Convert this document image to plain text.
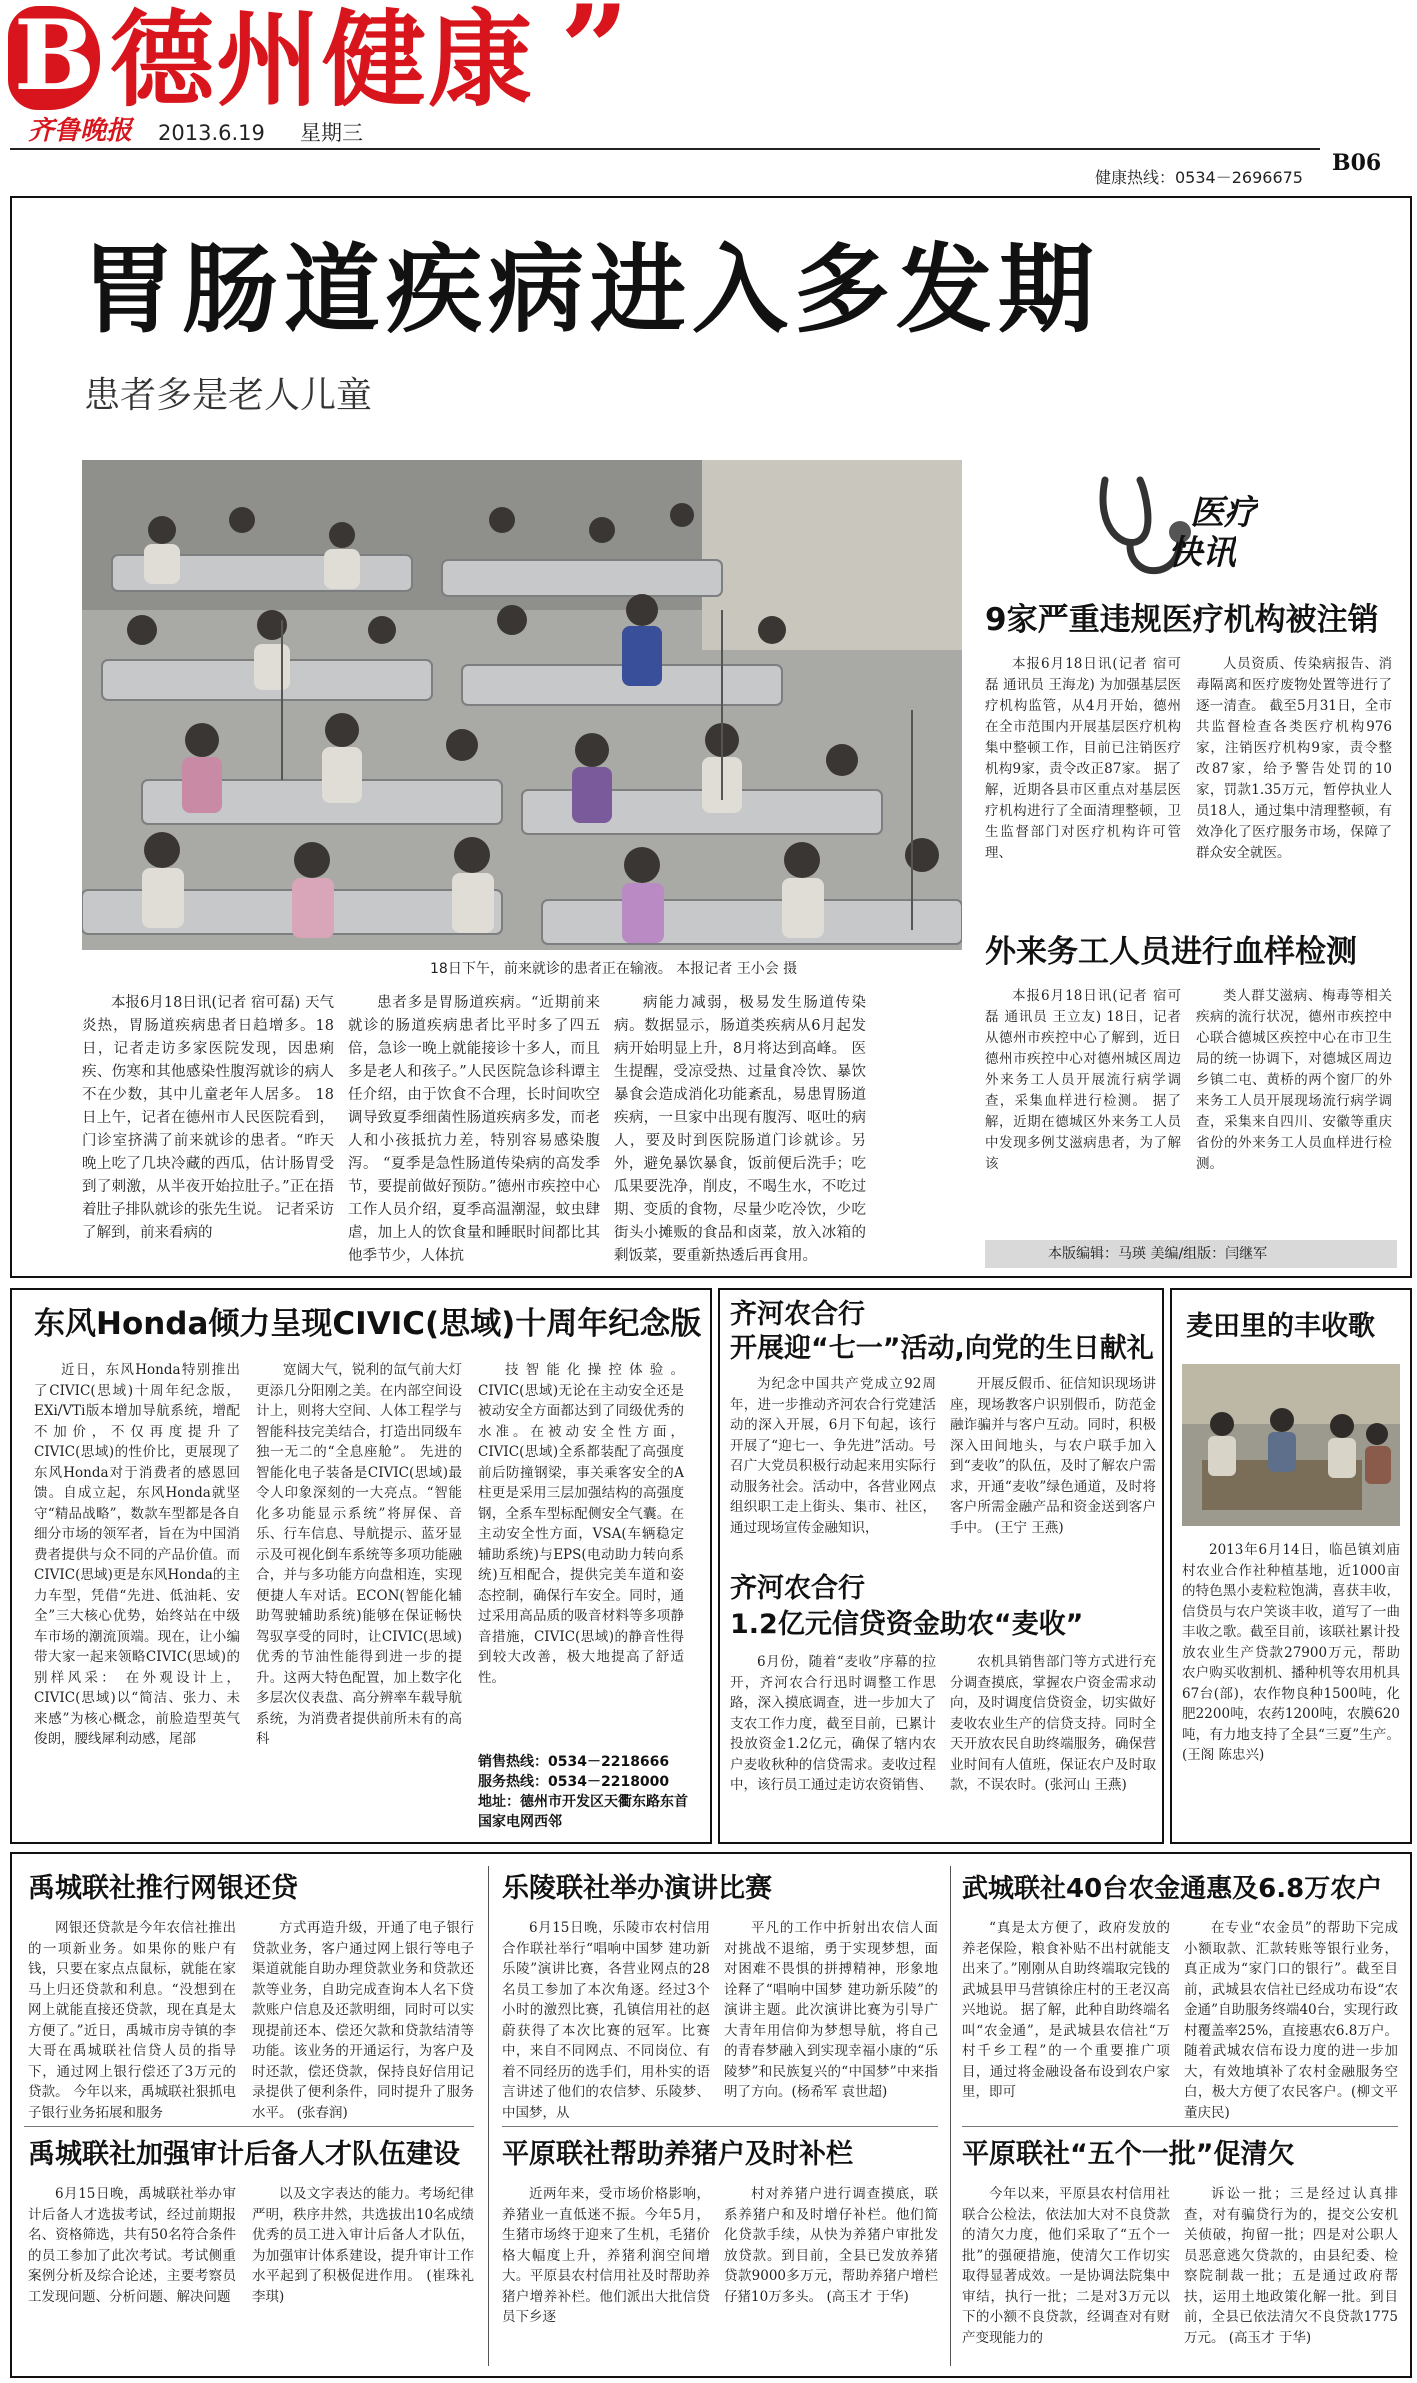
B 德州健康 ”
齐鲁晚报 2013.6.19 星期三
健康热线：0534－2696675
B06
胃肠道疾病进入多发期
患者多是老人儿童
18日下午，前来就诊的患者正在输液。 本报记者 王小会 摄
本报6月18日讯(记者 宿可磊) 天气炎热，胃肠道疾病患者日趋增多。18日，记者走访多家医院发现，因患痢疾、伤寒和其他感染性腹泻就诊的病人不在少数，其中儿童老年人居多。 18日上午，记者在德州市人民医院看到，门诊室挤满了前来就诊的患者。“昨天晚上吃了几块冷藏的西瓜，估计肠胃受到了刺激，从半夜开始拉肚子。”正在捂着肚子排队就诊的张先生说。 记者采访了解到，前来看病的
患者多是胃肠道疾病。“近期前来就诊的肠道疾病患者比平时多了四五倍，急诊一晚上就能接诊十多人，而且多是老人和孩子。”人民医院急诊科谭主任介绍，由于饮食不合理，长时间吹空调导致夏季细菌性肠道疾病多发，而老人和小孩抵抗力差，特别容易感染腹泻。 “夏季是急性肠道传染病的高发季节，要提前做好预防。”德州市疾控中心工作人员介绍，夏季高温潮湿，蚊虫肆虐，加上人的饮食量和睡眠时间都比其他季节少，人体抗
病能力减弱，极易发生肠道传染病。数据显示，肠道类疾病从6月起发病开始明显上升，8月将达到高峰。 医生提醒，受凉受热、过量食冷饮、暴饮暴食会造成消化功能紊乱，易患胃肠道疾病，一旦家中出现有腹泻、呕吐的病人，要及时到医院肠道门诊就诊。另外，避免暴饮暴食，饭前便后洗手；吃瓜果要洗净，削皮，不喝生水，不吃过期、变质的食物，尽量少吃冷饮，少吃街头小摊贩的食品和卤菜，放入冰箱的剩饭菜，要重新热透后再食用。
医疗
快讯
9家严重违规医疗机构被注销
本报6月18日讯(记者 宿可磊 通讯员 王海龙) 为加强基层医疗机构监管，从4月开始，德州在全市范围内开展基层医疗机构集中整顿工作，目前已注销医疗机构9家，责令改正87家。 据了解，近期各县市区重点对基层医疗机构进行了全面清理整顿，卫生监督部门对医疗机构许可管理、
人员资质、传染病报告、消毒隔离和医疗废物处置等进行了逐一清查。 截至5月31日，全市共监督检查各类医疗机构976家，注销医疗机构9家，责令整改87家，给予警告处罚的10家，罚款1.35万元，暂停执业人员18人，通过集中清理整顿，有效净化了医疗服务市场，保障了群众安全就医。
外来务工人员进行血样检测
本报6月18日讯(记者 宿可磊 通讯员 王立友) 18日，记者从德州市疾控中心了解到，近日德州市疾控中心对德州城区周边外来务工人员开展流行病学调查，采集血样进行检测。 据了解，近期在德城区外来务工人员中发现多例艾滋病患者，为了解该
类人群艾滋病、梅毒等相关疾病的流行状况，德州市疾控中心联合德城区疾控中心在市卫生局的统一协调下，对德城区周边乡镇二屯、黄桥的两个窗厂的外来务工人员开展现场流行病学调查，采集来自四川、安徽等重庆省份的外来务工人员血样进行检测。
本版编辑：马瑛 美编/组版：闫继军
东风Honda倾力呈现CIVIC(思域)十周年纪念版
近日，东风Honda特别推出了CIVIC(思域)十周年纪念版，EXi/VTi版本增加导航系统，增配不加价，不仅再度提升了CIVIC(思域)的性价比，更展现了东风Honda对于消费者的感恩回馈。自成立起，东风Honda就坚守“精品战略”，数款车型都是各自细分市场的领军者，旨在为中国消费者提供与众不同的产品价值。而CIVIC(思域)更是东风Honda的主力车型，凭借“先进、低油耗、安全”三大核心优势，始终站在中级车市场的潮流顶端。现在，让小编带大家一起来领略CIVIC(思域)的别样风采： 在外观设计上，CIVIC(思域)以“简洁、张力、未来感”为核心概念，前脸造型英气俊朗，腰线犀利动感，尾部
宽阔大气，锐利的氙气前大灯更添几分阳刚之美。在内部空间设计上，则将大空间、人体工程学与智能科技完美结合，打造出同级车独一无二的“全息座舱”。 先进的智能化电子装备是CIVIC(思域)最令人印象深刻的一大亮点。“智能化多功能显示系统”将屏保、音乐、行车信息、导航提示、蓝牙显示及可视化倒车系统等多项功能融合，并与多功能方向盘相连，实现便捷人车对话。ECON(智能化辅助驾驶辅助系统)能够在保证畅快驾驭享受的同时，让CIVIC(思域)优秀的节油性能得到进一步的提升。这两大特色配置，加上数字化多层次仪表盘、高分辨率车载导航系统，为消费者提供前所未有的高科
技智能化操控体验。 CIVIC(思域)无论在主动安全还是被动安全方面都达到了同级优秀的水准。在被动安全性方面，CIVIC(思域)全系都装配了高强度前后防撞钢梁，事关乘客安全的A柱更是采用三层加强结构的高强度钢，全系车型标配侧安全气囊。在主动安全性方面，VSA(车辆稳定辅助系统)与EPS(电动助力转向系统)互相配合，提供完美车道和姿态控制，确保行车安全。同时，通过采用高品质的吸音材料等多项静音措施，CIVIC(思域)的静音性得到较大改善，极大地提高了舒适性。
销售热线：0534－2218666
服务热线：0534－2218000
地址：德州市开发区天衢东路东首国家电网西邻
齐河农合行
开展迎“七一”活动,向党的生日献礼
为纪念中国共产党成立92周年，进一步推动齐河农合行党建活动的深入开展，6月下旬起，该行开展了“迎七一、争先进”活动。号召广大党员积极行动起来用实际行动服务社会。活动中，各营业网点组织职工走上街头、集市、社区，通过现场宣传金融知识，
开展反假币、征信知识现场讲座，现场教客户识别假币，防范金融诈骗并与客户互动。同时，积极深入田间地头，与农户联手加入到“麦收”的队伍，及时了解农户需求，开通“麦收”绿色通道，及时将客户所需金融产品和资金送到客户手中。 (王宁 王燕)
齐河农合行
1.2亿元信贷资金助农“麦收”
6月份，随着“麦收”序幕的拉开，齐河农合行迅时调整工作思路，深入摸底调查，进一步加大了支农工作力度，截至目前，已累计投放资金1.2亿元，确保了辖内农户麦收秋种的信贷需求。麦收过程中，该行员工通过走访农资销售、
农机具销售部门等方式进行充分调查摸底，掌握农户资金需求动向，及时调度信贷资金，切实做好麦收农业生产的信贷支持。同时全天开放农民自助终端服务，确保营业时间有人值班，保证农户及时取款，不误农时。(张河山 王燕)
麦田里的丰收歌
2013年6月14日，临邑镇刘庙村农业合作社种植基地，近1000亩的特色黑小麦粒粒饱满，喜获丰收，信贷员与农户笑谈丰收，道写了一曲丰收之歌。截至目前，该联社累计投放农业生产贷款27900万元，帮助农户购买收割机、播种机等农用机具67台(部)，农作物良种1500吨，化肥2200吨，农药1200吨，农膜620吨，有力地支持了全县“三夏”生产。 (王阁 陈忠兴)
禹城联社推行网银还贷
网银还贷款是今年农信社推出的一项新业务。如果你的账户有钱，只要在家点点鼠标，就能在家马上归还贷款和利息。“没想到在网上就能直接还贷款，现在真是太方便了。”近日，禹城市房寺镇的李大哥在禹城联社信贷人员的指导下，通过网上银行偿还了3万元的贷款。 今年以来，禹城联社狠抓电子银行业务拓展和服务
方式再造升级，开通了电子银行贷款业务，客户通过网上银行等电子渠道就能自助办理贷款业务和贷款还款等业务，自助完成查询本人名下贷款账户信息及还款明细，同时可以实现提前还本、偿还欠款和贷款结清等功能。该业务的开通运行，为客户及时还款，偿还贷款，保持良好信用记录提供了便利条件，同时提升了服务水平。 (张春润)
禹城联社加强审计后备人才队伍建设
6月15日晚，禹城联社举办审计后备人才选拔考试，经过前期报名、资格筛选，共有50名符合条件的员工参加了此次考试。考试侧重案例分析及综合论述，主要考察员工发现问题、分析问题、解决问题
以及文字表达的能力。考场纪律严明，秩序井然，共选拔出10名成绩优秀的员工进入审计后备人才队伍，为加强审计体系建设，提升审计工作水平起到了积极促进作用。 (崔珠礼 李琪)
乐陵联社举办演讲比赛
6月15日晚，乐陵市农村信用合作联社举行“唱响中国梦 建功新乐陵”演讲比赛，各营业网点的28名员工参加了本次角逐。经过3个小时的激烈比赛，孔镇信用社的赵蔚获得了本次比赛的冠军。比赛中，来自不同网点、不同岗位、有着不同经历的选手们，用朴实的语言讲述了他们的农信梦、乐陵梦、中国梦，从
平凡的工作中折射出农信人面对挑战不退缩，勇于实现梦想，面对困难不畏惧的拼搏精神，形象地诠释了“唱响中国梦 建功新乐陵”的演讲主题。此次演讲比赛为引导广大青年用信仰为梦想导航，将自己的青春梦融入到实现幸福小康的“乐陵梦”和民族复兴的“中国梦”中来指明了方向。(杨希军 袁世超)
平原联社帮助养猪户及时补栏
近两年来，受市场价格影响，养猪业一直低迷不振。今年5月，生猪市场终于迎来了生机，毛猪价格大幅度上升，养猪利润空间增大。平原县农村信用社及时帮助养猪户增养补栏。他们派出大批信贷员下乡逐
村对养猪户进行调查摸底，联系养猪户和及时增仔补栏。他们简化贷款手续，从快为养猪户审批发放贷款。到目前，全县已发放养猪贷款9000多万元，帮助养猪户增栏仔猪10万多头。 (高玉才 于华)
武城联社40台农金通惠及6.8万农户
“真是太方便了，政府发放的养老保险，粮食补贴不出村就能支出来了。”刚刚从自助终端取完钱的武城县甲马营镇徐庄村的王老汉高兴地说。 据了解，此种自助终端名叫“农金通”，是武城县农信社“万村千乡工程”的一个重要推广项目，通过将金融设备布设到农户家里，即可
在专业“农金员”的帮助下完成小额取款、汇款转账等银行业务，真正成为“家门口的银行”。截至目前，武城县农信社已经成功布设“农金通”自助服务终端40台，实现行政村覆盖率25%，直接惠农6.8万户。随着武城农信布设力度的进一步加大，有效地填补了农村金融服务空白，极大方便了农民客户。(柳文平 董庆民)
平原联社“五个一批”促清欠
今年以来，平原县农村信用社联合公检法，依法加大对不良贷款的清欠力度，他们采取了“五个一批”的强硬措施，使清欠工作切实取得显著成效。一是协调法院集中审结，执行一批；二是对3万元以下的小额不良贷款，经调查对有财产变现能力的
诉讼一批；三是经过认真排查，对有骗贷行为的，提交公安机关侦破，拘留一批；四是对公职人员恶意逃欠贷款的，由县纪委、检察院制裁一批；五是通过政府帮扶，运用土地政策化解一批。到目前，全县已依法清欠不良贷款1775万元。 (高玉才 于华)
